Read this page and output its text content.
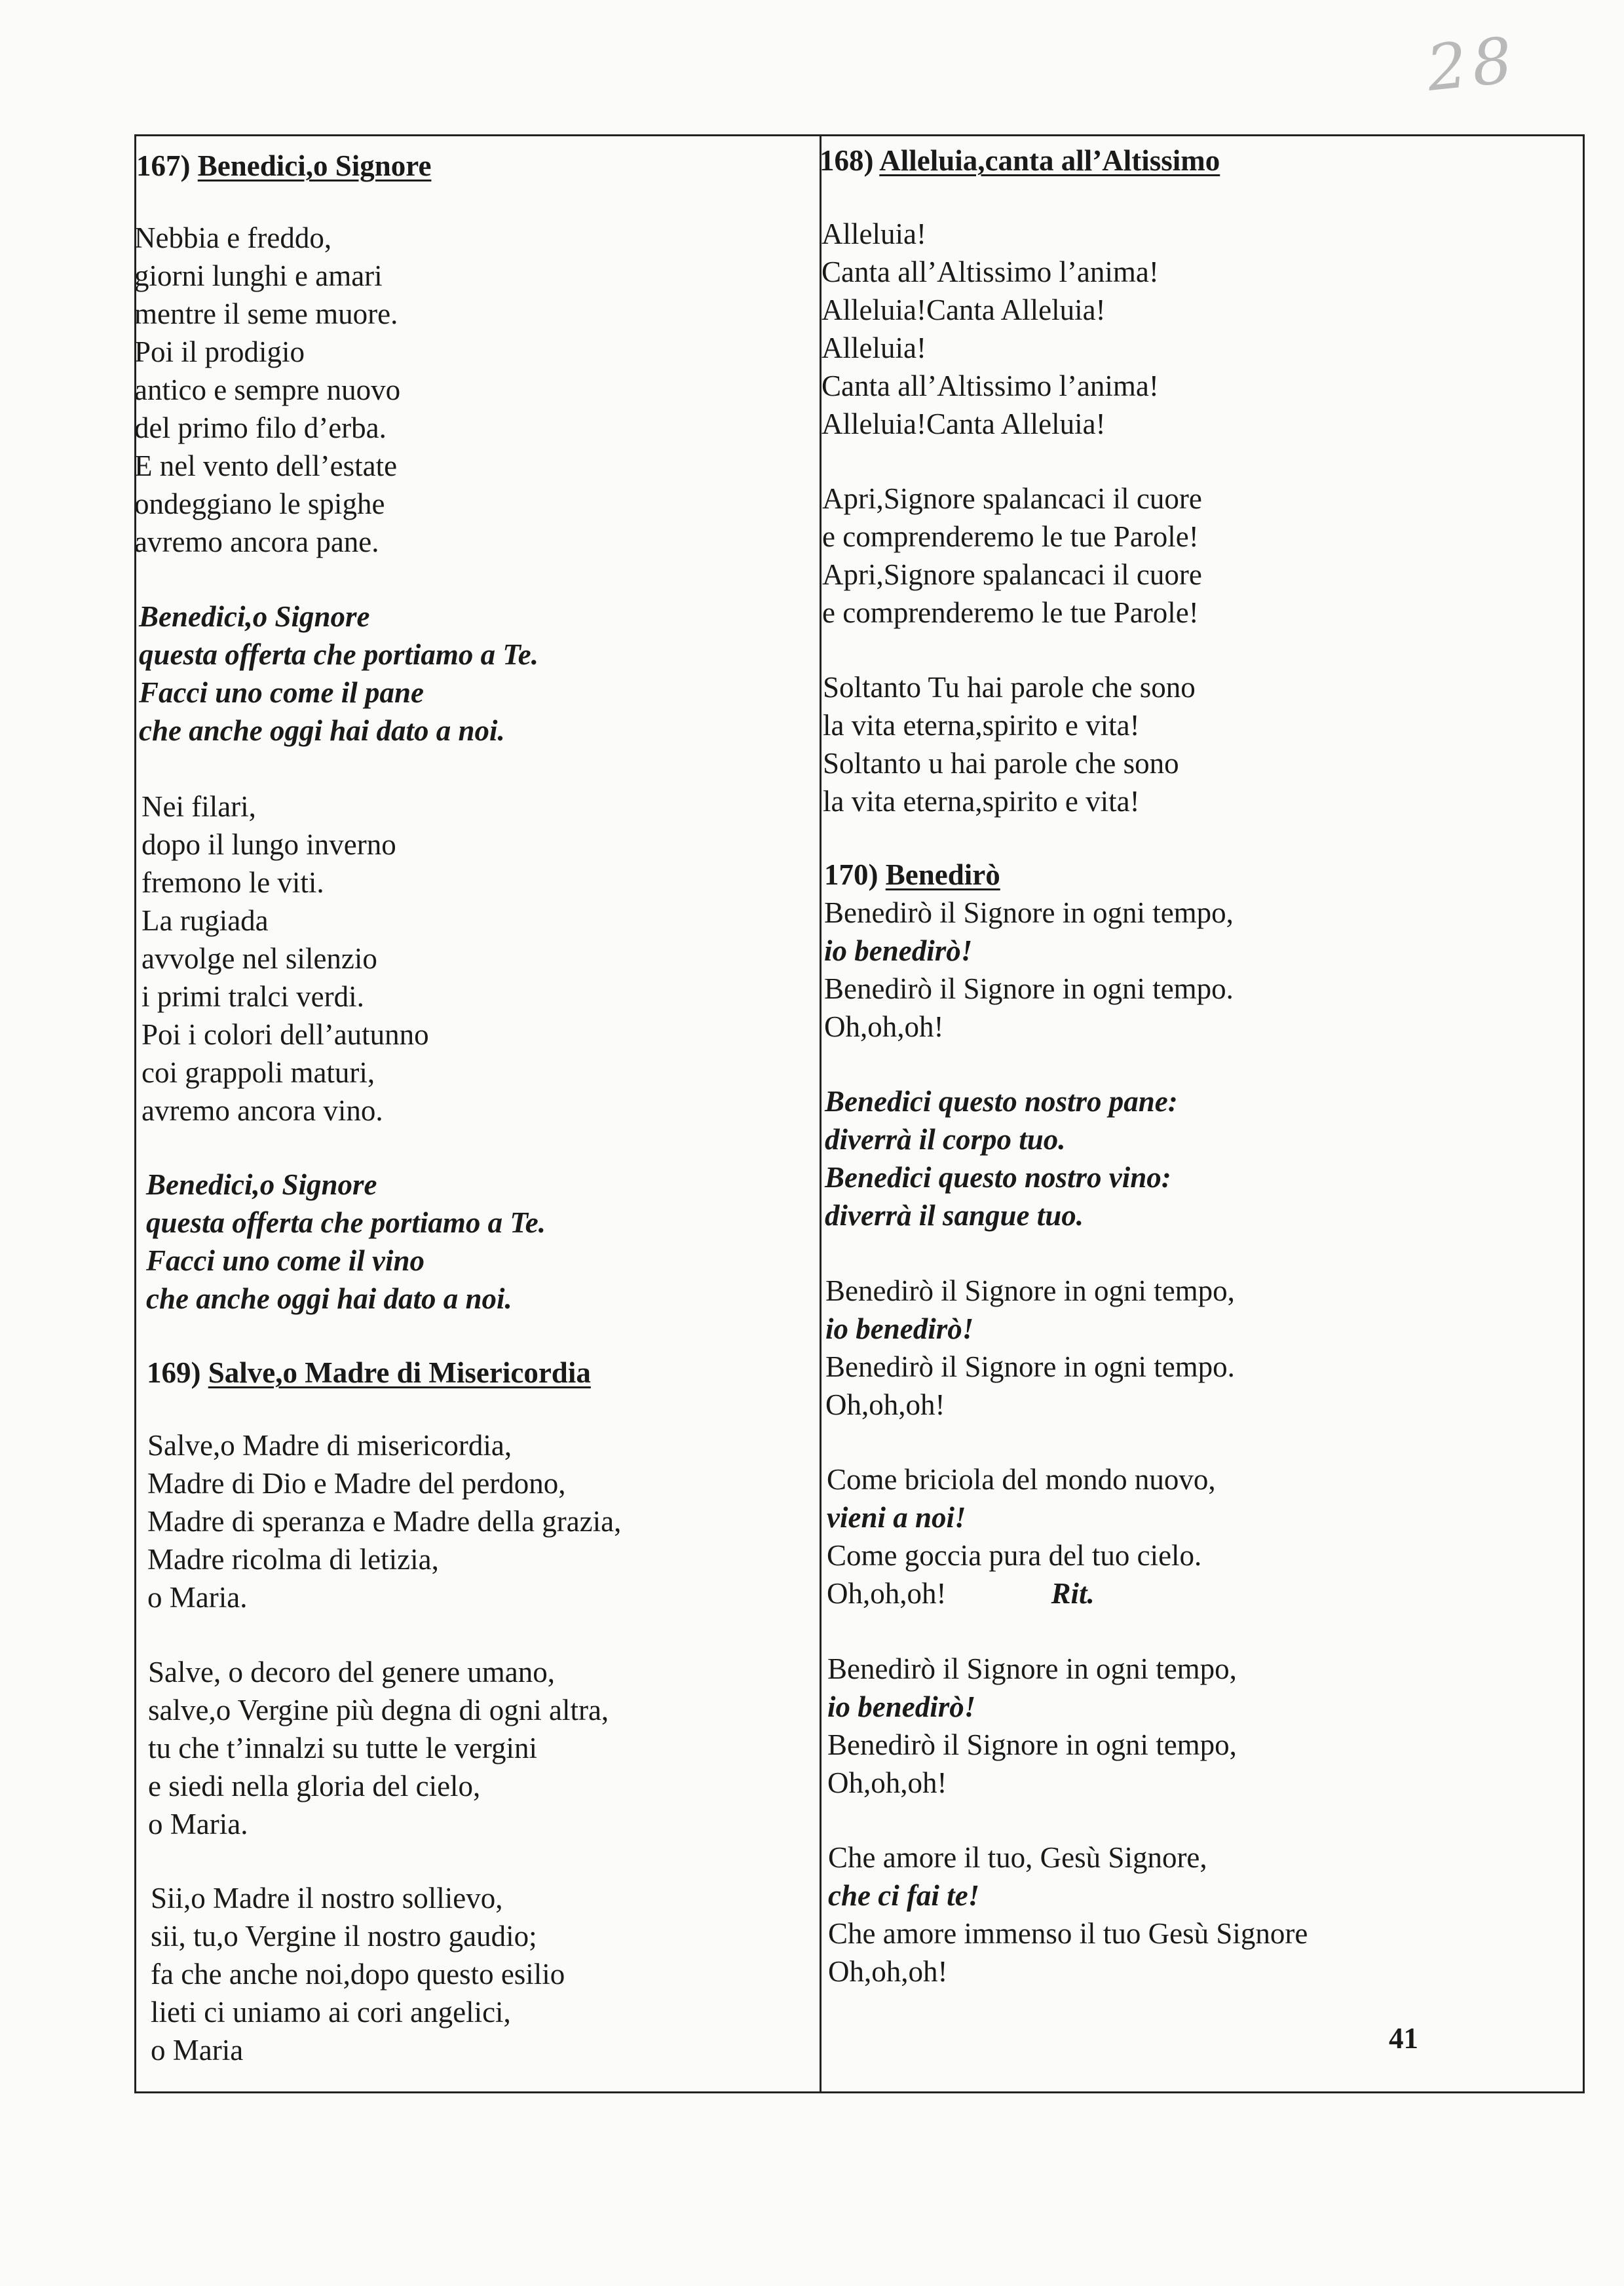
28
167) Benedici,o Signore
Nebbia e freddo,
giorni lunghi e amari
mentre il seme muore.
Poi il prodigio
antico e sempre nuovo
del primo filo d’erba.
E nel vento dell’estate
ondeggiano le spighe
avremo ancora pane.
Benedici,o Signore
questa offerta che portiamo a Te.
Facci uno come il pane
che anche oggi hai dato a noi.
Nei filari,
dopo il lungo inverno
fremono le viti.
La rugiada
avvolge nel silenzio
i primi tralci verdi.
Poi i colori dell’autunno
coi grappoli maturi,
avremo ancora vino.
Benedici,o Signore
questa offerta che portiamo a Te.
Facci uno come il vino
che anche oggi hai dato a noi.
169) Salve,o Madre di Misericordia
Salve,o Madre di misericordia,
Madre di Dio e Madre del perdono,
Madre di speranza e Madre della grazia,
Madre ricolma di letizia,
o Maria.
Salve, o decoro del genere umano,
salve,o Vergine più degna di ogni altra,
tu che t’innalzi su tutte le vergini
e siedi nella gloria del cielo,
o Maria.
Sii,o Madre il nostro sollievo,
sii, tu,o Vergine il nostro gaudio;
fa che anche noi,dopo questo esilio
lieti ci uniamo ai cori angelici,
o Maria
168) Alleluia,canta all’Altissimo
Alleluia!
Canta all’Altissimo l’anima!
Alleluia!Canta Alleluia!
Alleluia!
Canta all’Altissimo l’anima!
Alleluia!Canta Alleluia!
Apri,Signore spalancaci il cuore
e comprenderemo le tue Parole!
Apri,Signore spalancaci il cuore
e comprenderemo le tue Parole!
Soltanto Tu hai parole che sono
la vita eterna,spirito e vita!
Soltanto u hai parole che sono
la vita eterna,spirito e vita!
170) Benedirò
Benedirò il Signore in ogni tempo,
io benedirò!
Benedirò il Signore in ogni tempo.
Oh,oh,oh!
Benedici questo nostro pane:
diverrà il corpo tuo.
Benedici questo nostro vino:
diverrà il sangue tuo.
Benedirò il Signore in ogni tempo,
io benedirò!
Benedirò il Signore in ogni tempo.
Oh,oh,oh!
Come briciola del mondo nuovo,
vieni a noi!
Come goccia pura del tuo cielo.
Oh,oh,oh!	Rit.
Benedirò il Signore in ogni tempo,
io benedirò!
Benedirò il Signore in ogni tempo,
Oh,oh,oh!
Che amore il tuo, Gesù Signore,
che ci fai te!
Che amore immenso il tuo Gesù Signore
Oh,oh,oh!
41
